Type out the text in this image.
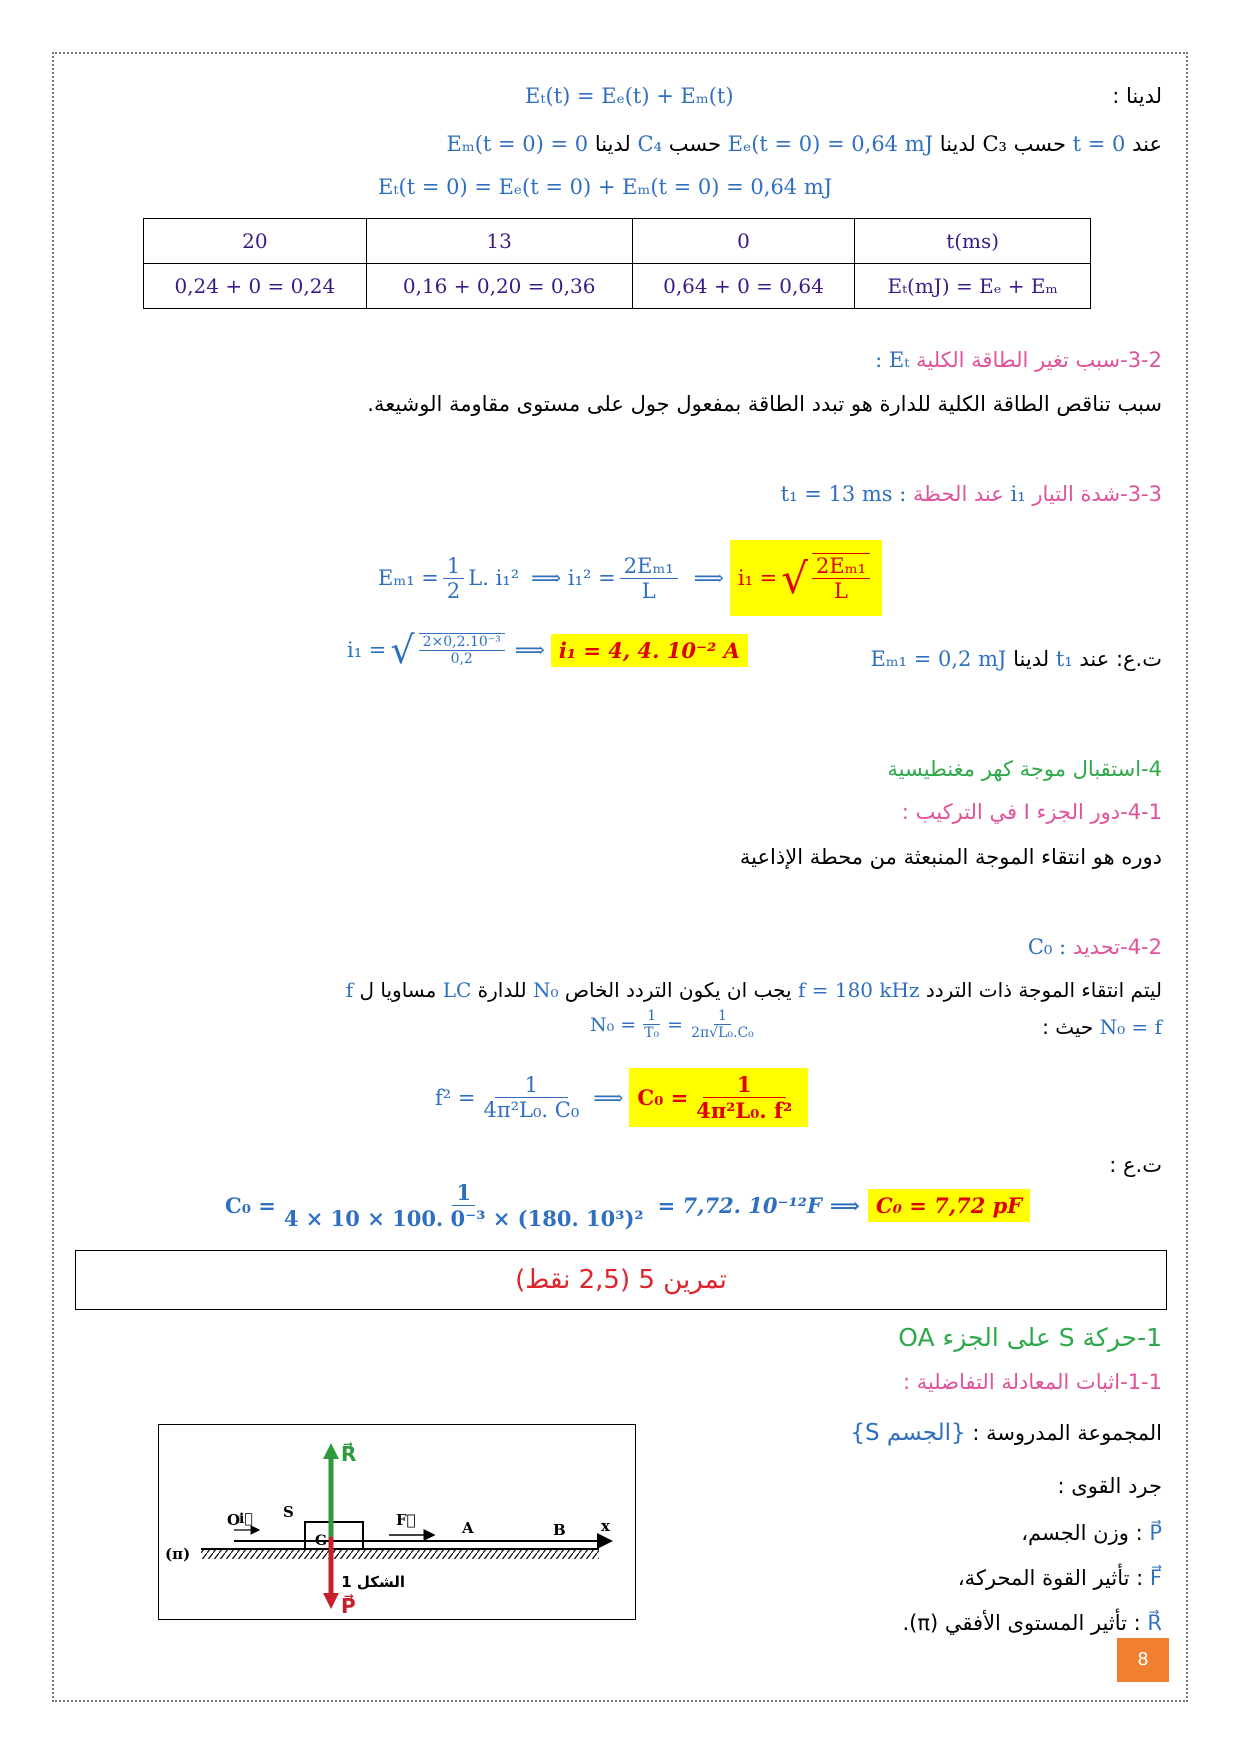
لدينا :
Eₜ(t) = Eₑ(t) + Eₘ(t)
عند t = 0 حسب C₃ لدينا Eₑ(t = 0) = 0,64 mJ حسب C₄ لدينا Eₘ(t = 0) = 0
Eₜ(t = 0) = Eₑ(t = 0) + Eₘ(t = 0) = 0,64 mJ
20	13	0	t(ms)
0,24 + 0 = 0,24	0,16 + 0,20 = 0,36	0,64 + 0 = 0,64	Eₜ(mJ) = Eₑ + Eₘ
3-2-سبب تغير الطاقة الكلية Eₜ :
سبب تناقص الطاقة الكلية للدارة هو تبدد الطاقة بمفعول جول على مستوى مقاومة الوشيعة.
3-3-شدة التيار i₁ عند الحظة : t₁ = 13 ms
$E_{m1} = \frac{1}{2} L$. i₁² ⟹ $i_1^2 = \frac{\text{2Eₘ₁}}{L}$ ⟹ i₁ = √ $\frac{\text{2Eₘ₁}}{L}$
ت.ع: عند t₁ لدينا Eₘ₁ = 0,2 mJ
i₁ = √ $\frac{\text{2×0,2.10⁻³}}{0,2}$ ⟹ i₁ = 4, 4. 10⁻² A
4-استقبال موجة كهر مغنطيسية
4-1-دور الجزء I في التركيب :
دوره هو انتقاء الموجة المنبعثة من محطة الإذاعية
4-2-تحديد : C₀
ليتم انتقاء الموجة ذات التردد f = 180 kHz يجب ان يكون التردد الخاص N₀ للدارة LC مساويا ل f
N₀ = f حيث :
$N_0 = \frac{1}{\text{T₀}} = \frac{1}{\text{2π√L₀.C₀}}$
$f^2 = \frac{1}{\text{4π²L₀. C₀}}$ ⟹ $C_0 = \frac{1}{\text{4π²L₀. f²}}$
ت.ع :
$C_0 = \frac{1}{\text{4 × 10 × 100. 0⁻³ × (180. 10³)²}} = 7,72$. 10⁻¹²F ⟹ C₀ = 7,72 pF
تمرين 5 (2,5 نقط)
1-حركة S على الجزء OA
1-1-اثبات المعادلة التفاضلية :
المجموعة المدروسة : {الجسم S}
جرد القوى :
P⃗ : وزن الجسم،
F⃗ : تأثير القوة المحركة،
R⃗ : تأثير المستوى الأفقي (π).
O
i⃗ S
G
F⃗	A	B x
(π)
R⃗
P⃗
الشكل 1
8
